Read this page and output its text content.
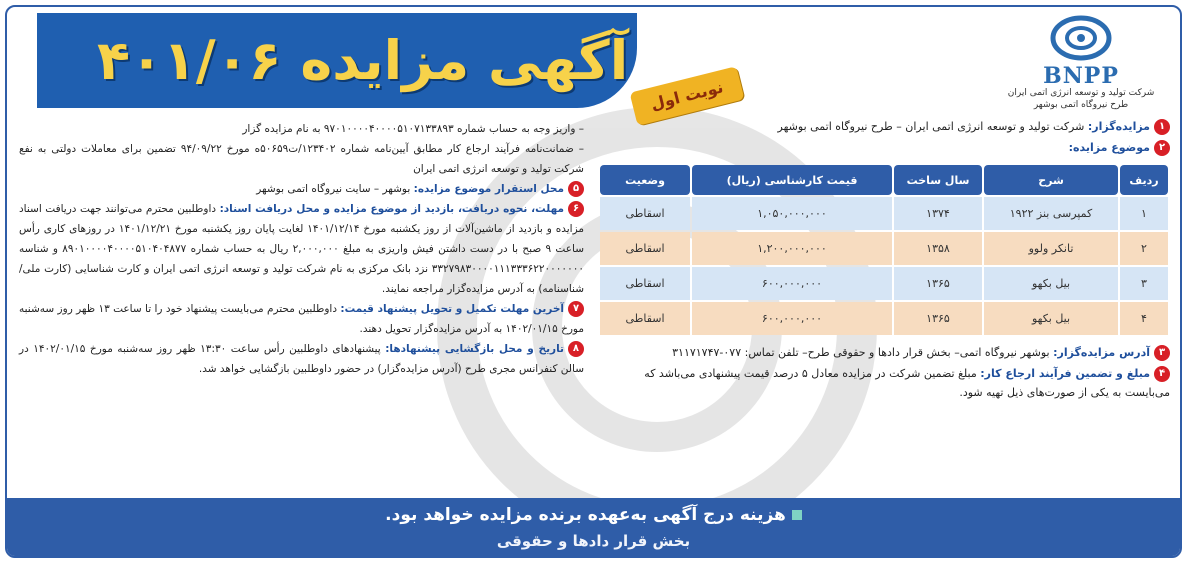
BNPP
شرکت تولید و توسعه انرژی اتمی ایران
طرح نیروگاه اتمی بوشهر
آگهی مزایده ۴۰۱/۰۶
نوبت اول
۱مزایده‌گزار: شرکت تولید و توسعه انرژی اتمی ایران – طرح نیروگاه اتمی بوشهر
۲موضوع مزایده:
ردیف	شرح	سال ساخت	قیمت کارشناسی (ریال)	وضعیت
۱	کمپرسی بنز ۱۹۲۲	۱۳۷۴	۱,۰۵۰,۰۰۰,۰۰۰	اسقاطی
۲	تانکر ولوو	۱۳۵۸	۱,۲۰۰,۰۰۰,۰۰۰	اسقاطی
۳	بیل بکهو	۱۳۶۵	۶۰۰,۰۰۰,۰۰۰	اسقاطی
۴	بیل بکهو	۱۳۶۵	۶۰۰,۰۰۰,۰۰۰	اسقاطی
۳آدرس مزایده‌گزار: بوشهر نیروگاه اتمی– بخش قرار دادها و حقوقی طرح– تلفن تماس: ۰۷۷-۳۱۱۷۱۷۴۷
۴مبلغ و تضمین فرآیند ارجاع کار: مبلغ تضمین شرکت در مزایده معادل ۵ درصد قیمت پیشنهادی می‌باشد که می‌بایست به یکی از صورت‌های ذیل تهیه شود.
– واریز وجه به حساب شماره ۹۷۰۱۰۰۰۰۴۰۰۰۰۵۱۰۷۱۳۳۸۹۳ به نام مزایده گزار
– ضمانت‌نامه فرآیند ارجاع کار مطابق آیین‌نامه شماره ۱۲۳۴۰۲/ت۵۰۶۵۹ه مورخ ۹۴/۰۹/۲۲ تضمین برای معاملات دولتی به نفع شرکت تولید و توسعه انرژی اتمی ایران
۵محل استقرار موضوع مزایده: بوشهر – سایت نیروگاه اتمی بوشهر
۶مهلت، نحوه دریافت، بازدید از موضوع مزایده و محل دریافت اسناد: داوطلبین محترم می‌توانند جهت دریافت اسناد مزایده و بازدید از ماشین‌آلات از روز یکشنبه مورخ ۱۴۰۱/۱۲/۱۴ لغایت پایان روز یکشنبه مورخ ۱۴۰۱/۱۲/۲۱ در روزهای کاری رأس ساعت ۹ صبح با در دست داشتن فیش واریزی به مبلغ ۲,۰۰۰,۰۰۰ ریال به حساب شماره ۸۹۰۱۰۰۰۰۴۰۰۰۰۵۱۰۴۰۴۸۷۷ و شناسه ۳۳۲۷۹۸۳۰۰۰۰۱۱۱۳۳۳۶۲۲۰۰۰۰۰۰۰ نزد بانک مرکزی به نام شرکت تولید و توسعه انرژی اتمی ایران و کارت شناسایی (کارت ملی/شناسنامه) به آدرس مزایده‌گزار مراجعه نمایند.
۷آخرین مهلت تکمیل و تحویل پیشنهاد قیمت: داوطلبین محترم می‌بایست پیشنهاد خود را تا ساعت ۱۳ ظهر روز سه‌شنبه مورخ ۱۴۰۲/۰۱/۱۵ به آدرس مزایده‌گزار تحویل دهند.
۸تاریخ و محل بازگشایی پیشنهادها: پیشنهادهای داوطلبین رأس ساعت ۱۳:۳۰ ظهر روز سه‌شنبه مورخ ۱۴۰۲/۰۱/۱۵ در سالن کنفرانس مجری طرح (آدرس مزایده‌گزار) در حضور داوطلبین بازگشایی خواهد شد.
هزینه درج آگهی به‌عهده برنده مزایده خواهد بود.
بخش قرار دادها و حقوقی
